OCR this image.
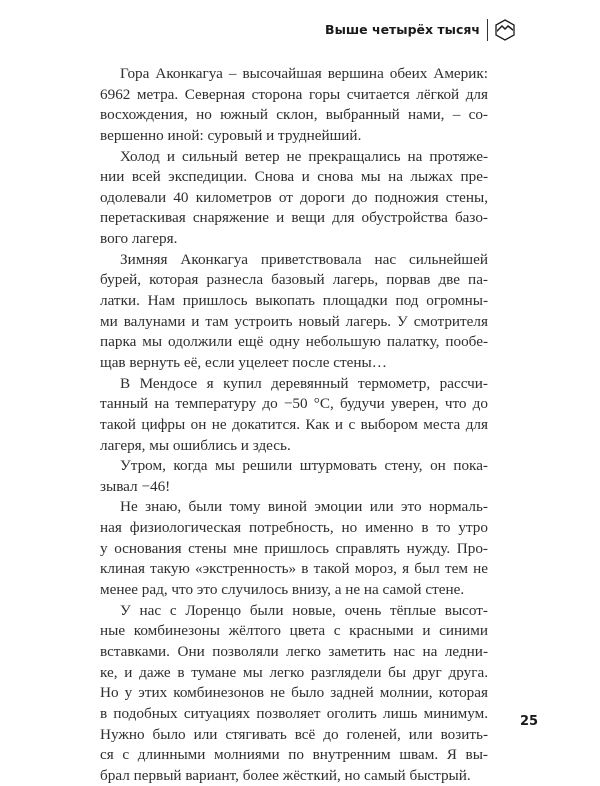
Выше четырёх тысяч
Гора Аконкагуа – высочайшая вершина обеих Америк:
6962 метра. Северная сторона горы считается лёгкой для
восхождения, но южный склон, выбранный нами, – со-
вершенно иной: суровый и труднейший.
Холод и сильный ветер не прекращались на протяже-
нии всей экспедиции. Снова и снова мы на лыжах пре-
одолевали 40 километров от дороги до подножия стены,
перетаскивая снаряжение и вещи для обустройства базо-
вого лагеря.
Зимняя Аконкагуа приветствовала нас сильнейшей
бурей, которая разнесла базовый лагерь, порвав две па-
латки. Нам пришлось выкопать площадки под огромны-
ми валунами и там устроить новый лагерь. У смотрителя
парка мы одолжили ещё одну небольшую палатку, пообе-
щав вернуть её, если уцелеет после стены…
В Мендосе я купил деревянный термометр, рассчи-
танный на температуру до −50 °С, будучи уверен, что до
такой цифры он не докатится. Как и с выбором места для
лагеря, мы ошиблись и здесь.
Утром, когда мы решили штурмовать стену, он пока-
зывал −46!
Не знаю, были тому виной эмоции или это нормаль-
ная физиологическая потребность, но именно в то утро
у основания стены мне пришлось справлять нужду. Про-
клиная такую «экстренность» в такой мороз, я был тем не
менее рад, что это случилось внизу, а не на самой стене.
У нас с Лоренцо были новые, очень тёплые высот-
ные комбинезоны жёлтого цвета с красными и синими
вставками. Они позволяли легко заметить нас на ледни-
ке, и даже в тумане мы легко разглядели бы друг друга.
Но у этих комбинезонов не было задней молнии, которая
в подобных ситуациях позволяет оголить лишь минимум.
Нужно было или стягивать всё до голеней, или возить-
ся с длинными молниями по внутренним швам. Я вы-
брал первый вариант, более жёсткий, но самый быстрый.
25
